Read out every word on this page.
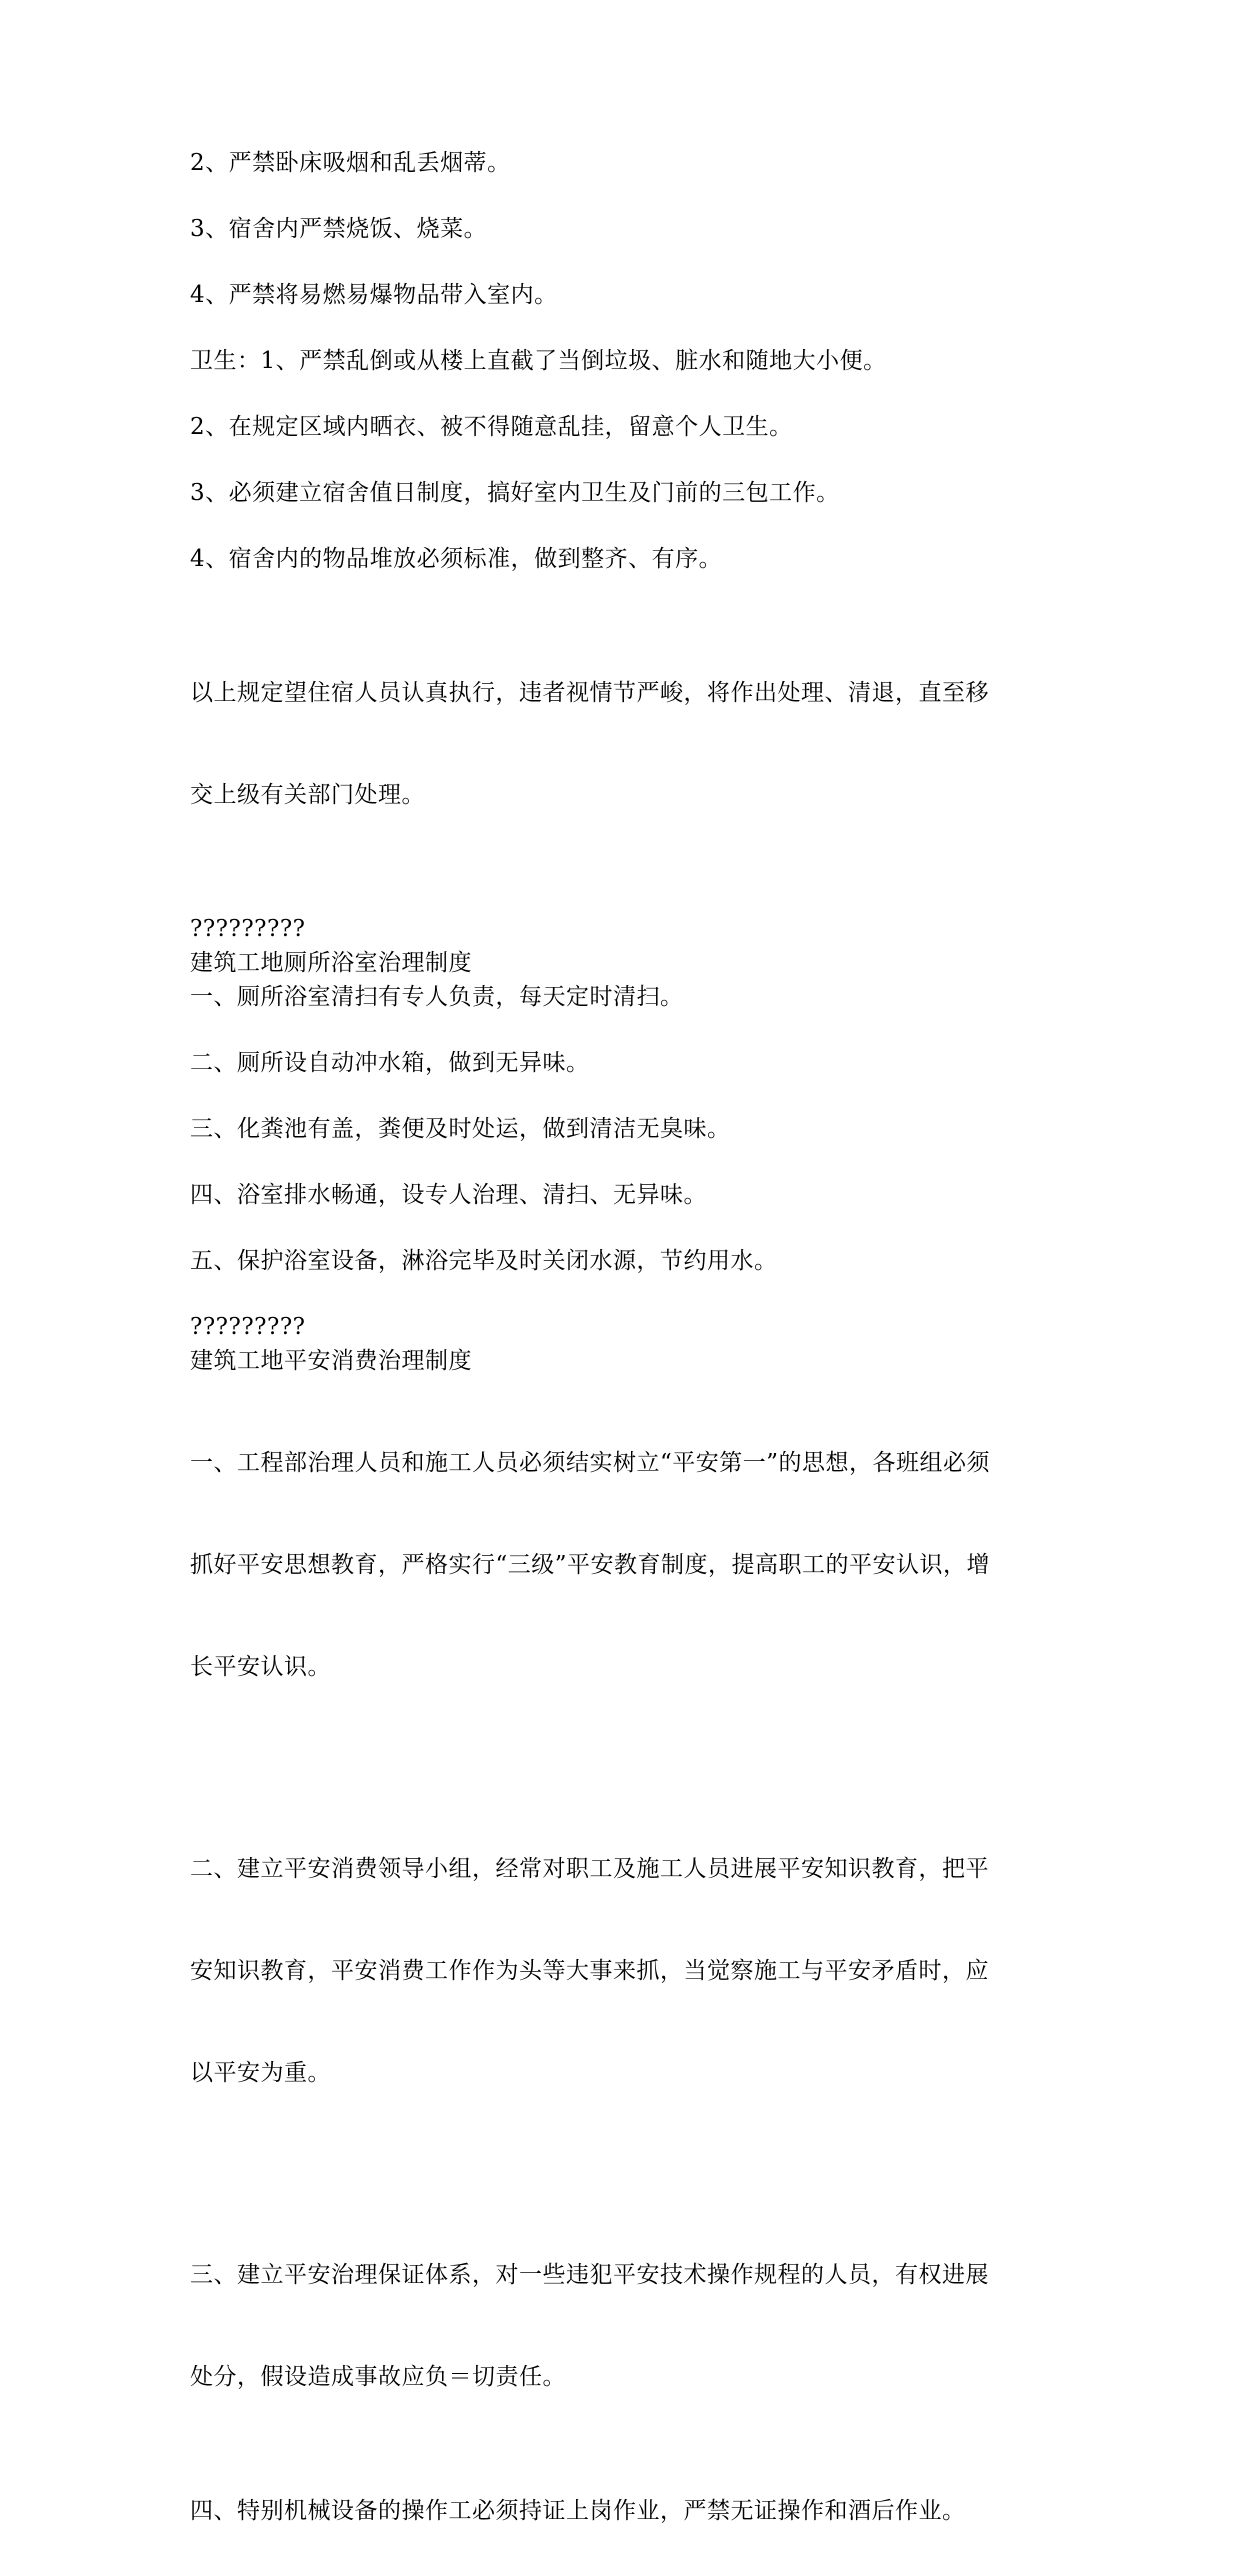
2、严禁卧床吸烟和乱丢烟蒂。

3、宿舍内严禁烧饭、烧菜。

4、严禁将易燃易爆物品带入室内。

卫生：1、严禁乱倒或从楼上直截了当倒垃圾、脏水和随地大小便。

2、在规定区域内晒衣、被不得随意乱挂，留意个人卫生。

3、必须建立宿舍值日制度，搞好室内卫生及门前的三包工作。

4、宿舍内的物品堆放必须标准，做到整齐、有序。

以上规定望住宿人员认真执行，违者视情节严峻，将作出处理、清退，直至移

交上级有关部门处理。

?????????
建筑工地厕所浴室治理制度

一、厕所浴室清扫有专人负责，每天定时清扫。

二、厕所设自动冲水箱，做到无异味。

三、化粪池有盖，粪便及时处运，做到清洁无臭味。

四、浴室排水畅通，设专人治理、清扫、无异味。

五、保护浴室设备，淋浴完毕及时关闭水源，节约用水。

?????????
建筑工地平安消费治理制度

一、工程部治理人员和施工人员必须结实树立“平安第一”的思想，各班组必须

抓好平安思想教育，严格实行“三级”平安教育制度，提高职工的平安认识，增

长平安认识。

二、建立平安消费领导小组，经常对职工及施工人员进展平安知识教育，把平

安知识教育，平安消费工作作为头等大事来抓，当觉察施工与平安矛盾时，应

以平安为重。

三、建立平安治理保证体系，对一些违犯平安技术操作规程的人员，有权进展

处分，假设造成事故应负＝切责任。

四、特别机械设备的操作工必须持证上岗作业，严禁无证操作和酒后作业。
